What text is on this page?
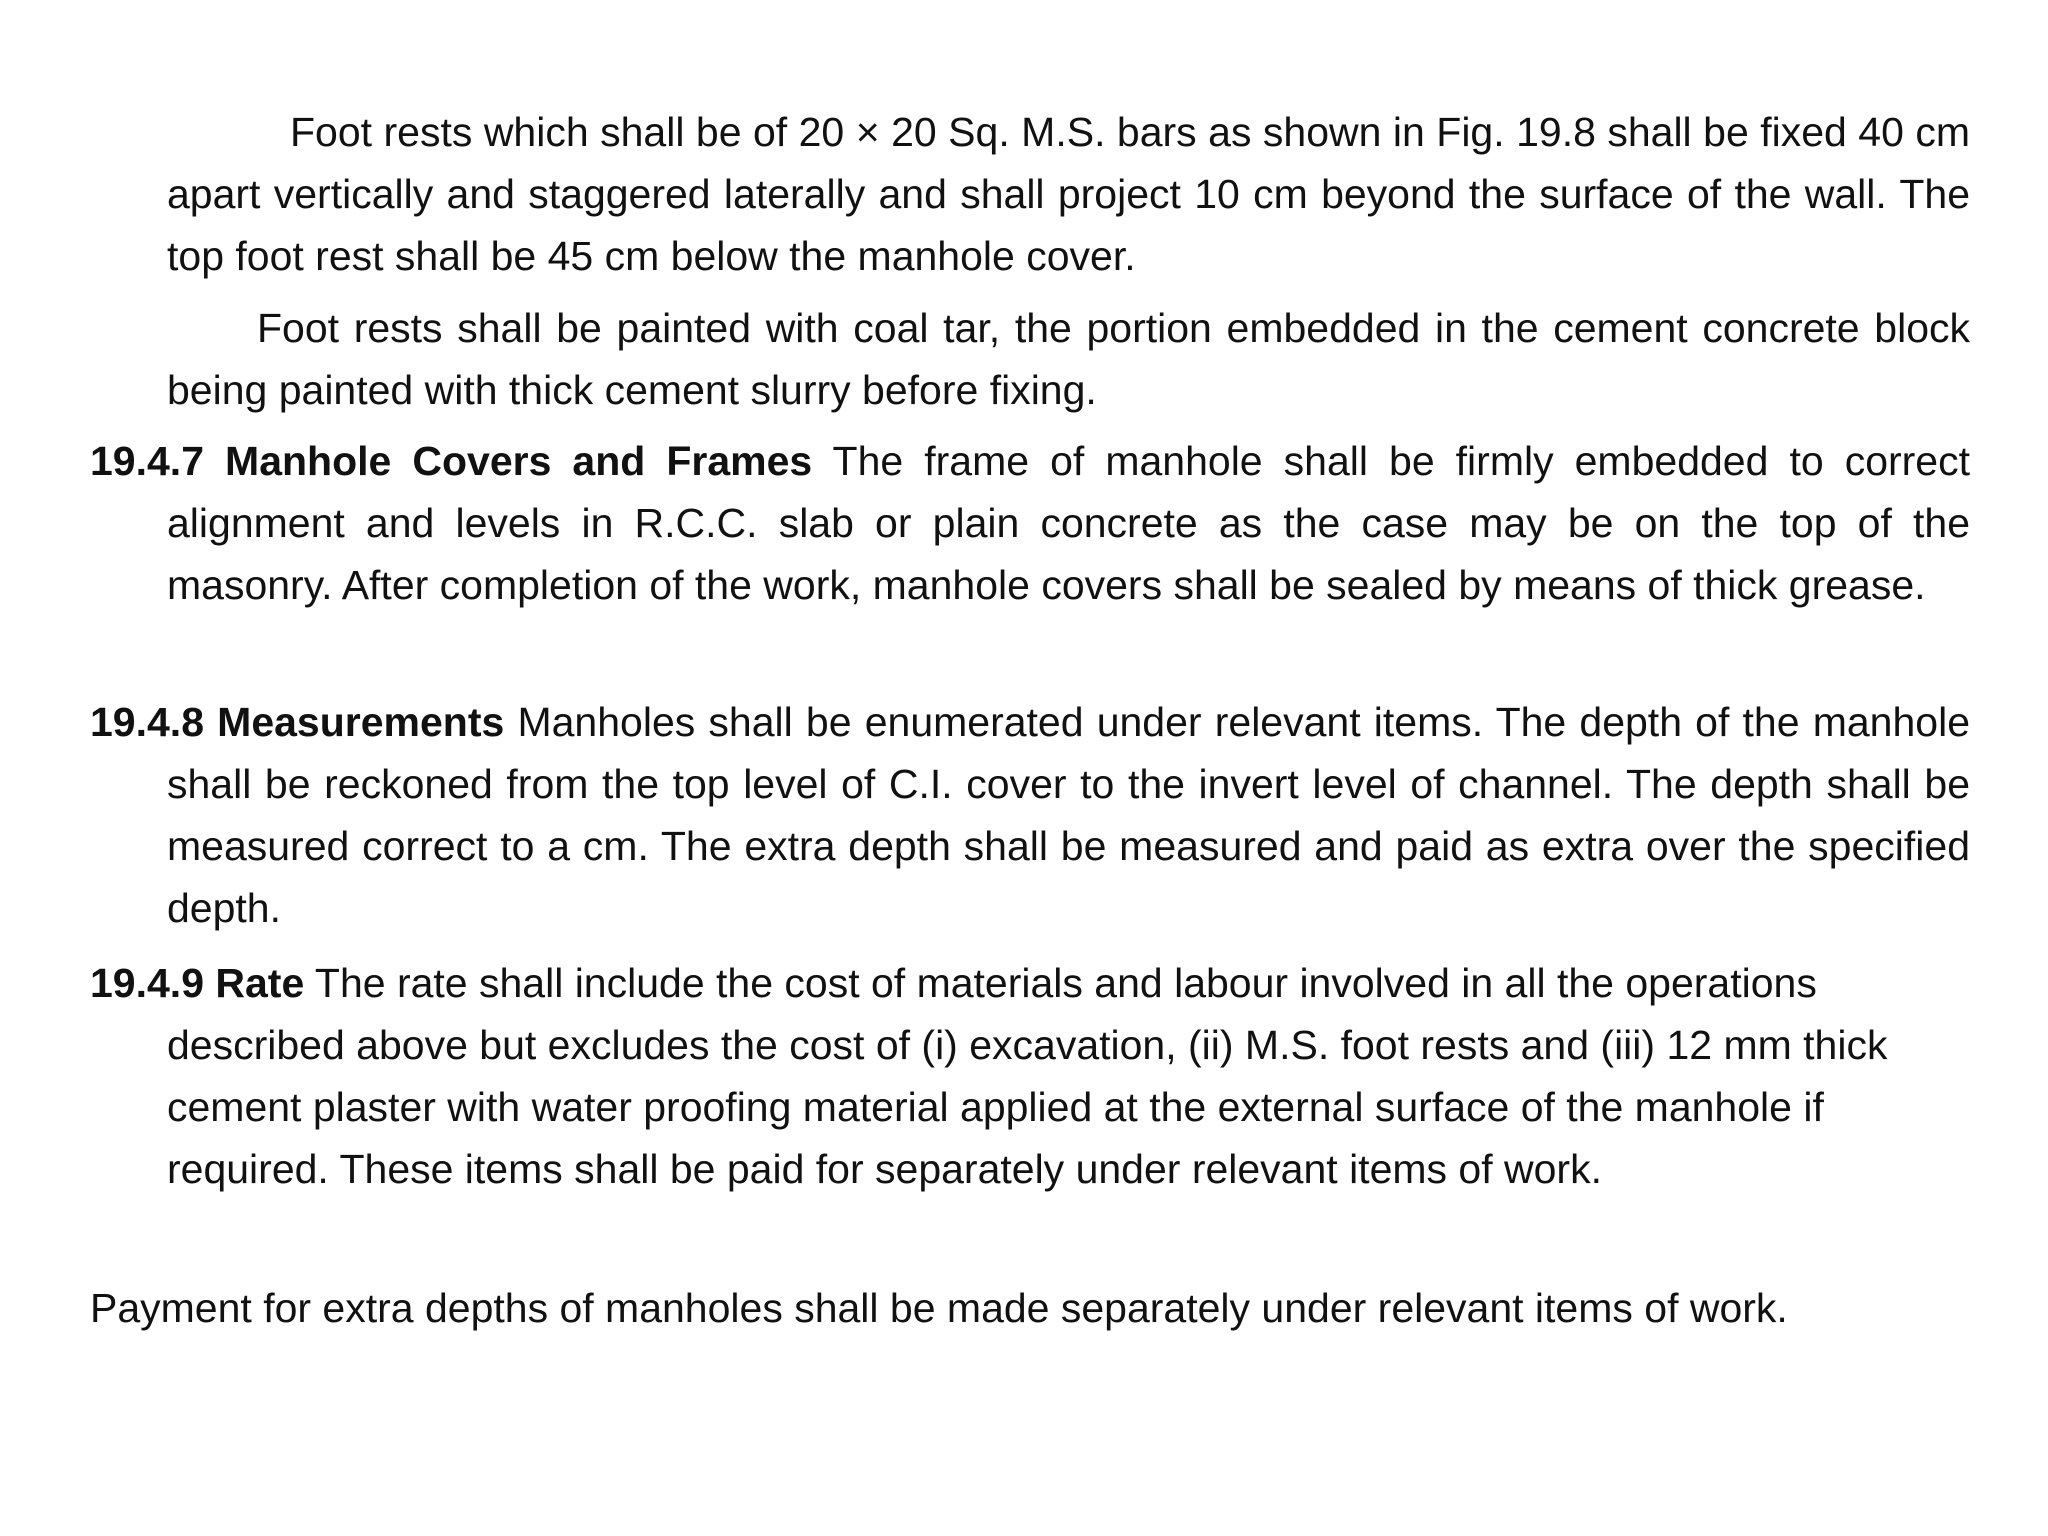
Foot rests which shall be of 20 × 20 Sq. M.S. bars as shown in Fig. 19.8 shall be fixed 40 cm apart vertically and staggered laterally and shall project 10 cm beyond the surface of the wall. The top foot rest shall be 45 cm below the manhole cover.

Foot rests shall be painted with coal tar, the portion embedded in the cement concrete block being painted with thick cement slurry before fixing.

19.4.7 Manhole Covers and Frames The frame of manhole shall be firmly embedded to correct alignment and levels in R.C.C. slab or plain concrete as the case may be on the top of the masonry. After completion of the work, manhole covers shall be sealed by means of thick grease.

19.4.8 Measurements Manholes shall be enumerated under relevant items. The depth of the manhole shall be reckoned from the top level of C.I. cover to the invert level of channel. The depth shall be measured correct to a cm. The extra depth shall be measured and paid as extra over the specified depth.

19.4.9 Rate The rate shall include the cost of materials and labour involved in all the operations described above but excludes the cost of (i) excavation, (ii) M.S. foot rests and (iii) 12 mm thick cement plaster with water proofing material applied at the external surface of the manhole if required. These items shall be paid for separately under relevant items of work.

Payment for extra depths of manholes shall be made separately under relevant items of work.
